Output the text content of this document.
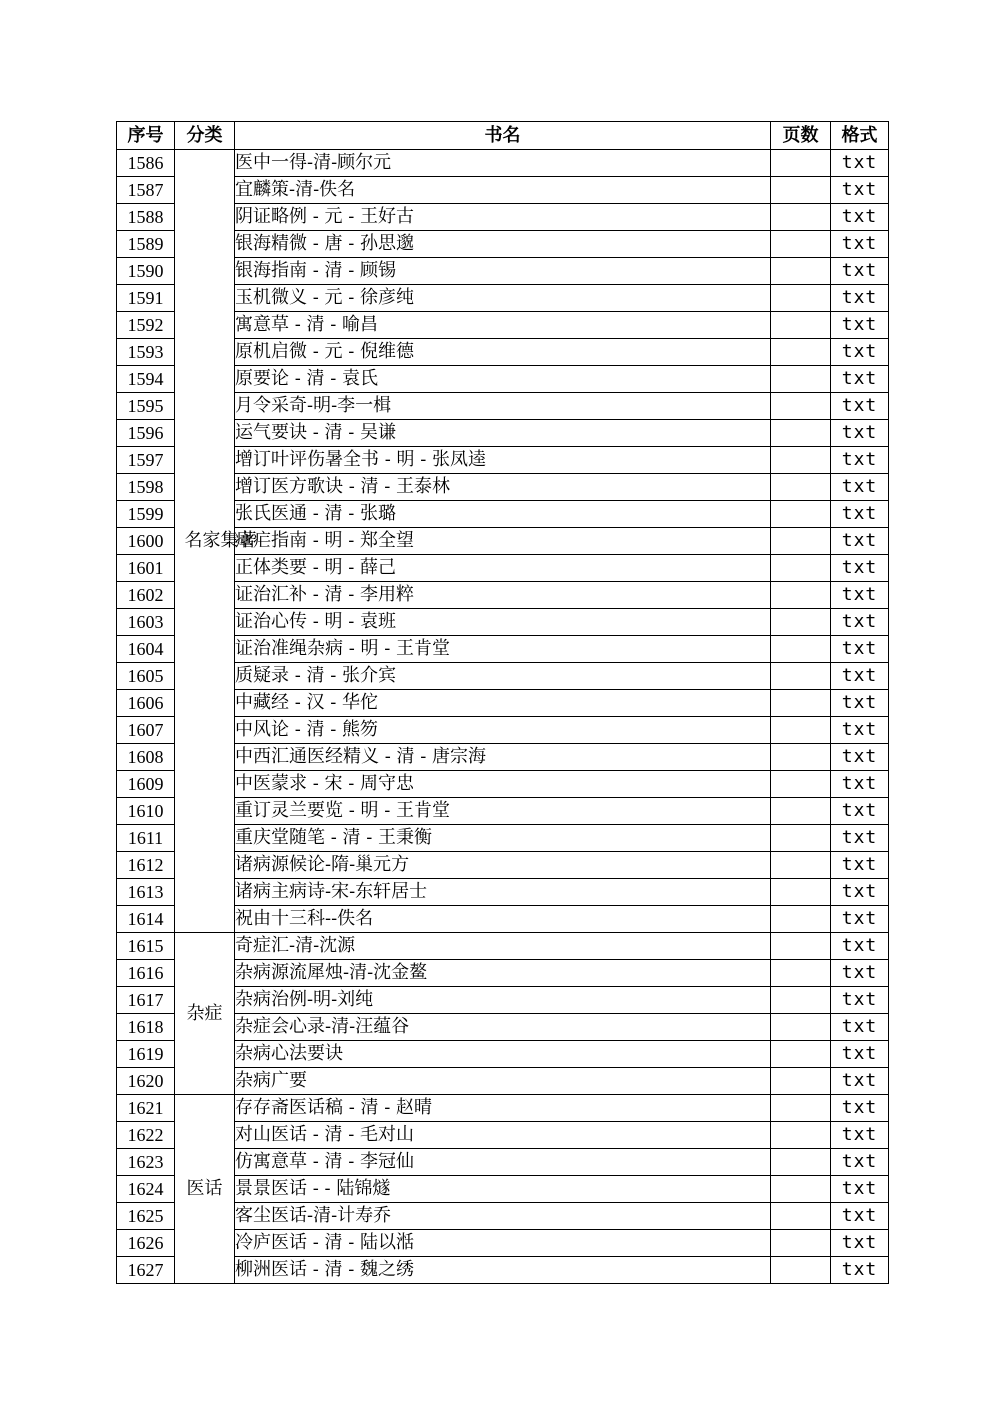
序号	分类	书名	页数	格式
1586	名家集著	医中一得-清-顾尔元		txt
1587		宜麟策-清-佚名		txt
1588		阴证略例 - 元 - 王好古		txt
1589		银海精微 - 唐 - 孙思邈		txt
1590		银海指南 - 清 - 顾锡		txt
1591		玉机微义 - 元 - 徐彦纯		txt
1592		寓意草 - 清 - 喻昌		txt
1593		原机启微 - 元 - 倪维德		txt
1594		原要论 - 清 - 袁氏		txt
1595		月令采奇-明-李一楫		txt
1596		运气要诀 - 清 - 吴谦		txt
1597		增订叶评伤暑全书 - 明 - 张凤逵		txt
1598		增订医方歌诀 - 清 - 王泰林		txt
1599		张氏医通 - 清 - 张璐		txt
1600		瘴疟指南 - 明 - 郑全望		txt
1601		正体类要 - 明 - 薛己		txt
1602		证治汇补 - 清 - 李用粹		txt
1603		证治心传 - 明 - 袁班		txt
1604		证治准绳杂病 - 明 - 王肯堂		txt
1605		质疑录 - 清 - 张介宾		txt
1606		中藏经 - 汉 - 华佗		txt
1607		中风论 - 清 - 熊笏		txt
1608		中西汇通医经精义 - 清 - 唐宗海		txt
1609		中医蒙求 - 宋 - 周守忠		txt
1610		重订灵兰要览 - 明 - 王肯堂		txt
1611		重庆堂随笔 - 清 - 王秉衡		txt
1612		诸病源候论-隋-巢元方		txt
1613		诸病主病诗-宋-东轩居士		txt
1614		祝由十三科--佚名		txt
1615	杂症	奇症汇-清-沈源		txt
1616		杂病源流犀烛-清-沈金鳌		txt
1617		杂病治例-明-刘纯		txt
1618		杂症会心录-清-汪蕴谷		txt
1619		杂病心法要诀		txt
1620		杂病广要		txt
1621	医话	存存斋医话稿 - 清 - 赵晴		txt
1622		对山医话 - 清 - 毛对山		txt
1623		仿寓意草 - 清 - 李冠仙		txt
1624		景景医话 - - 陆锦燧		txt
1625		客尘医话-清-计寿乔		txt
1626		冷庐医话 - 清 - 陆以湉		txt
1627		柳洲医话 - 清 - 魏之绣		txt
